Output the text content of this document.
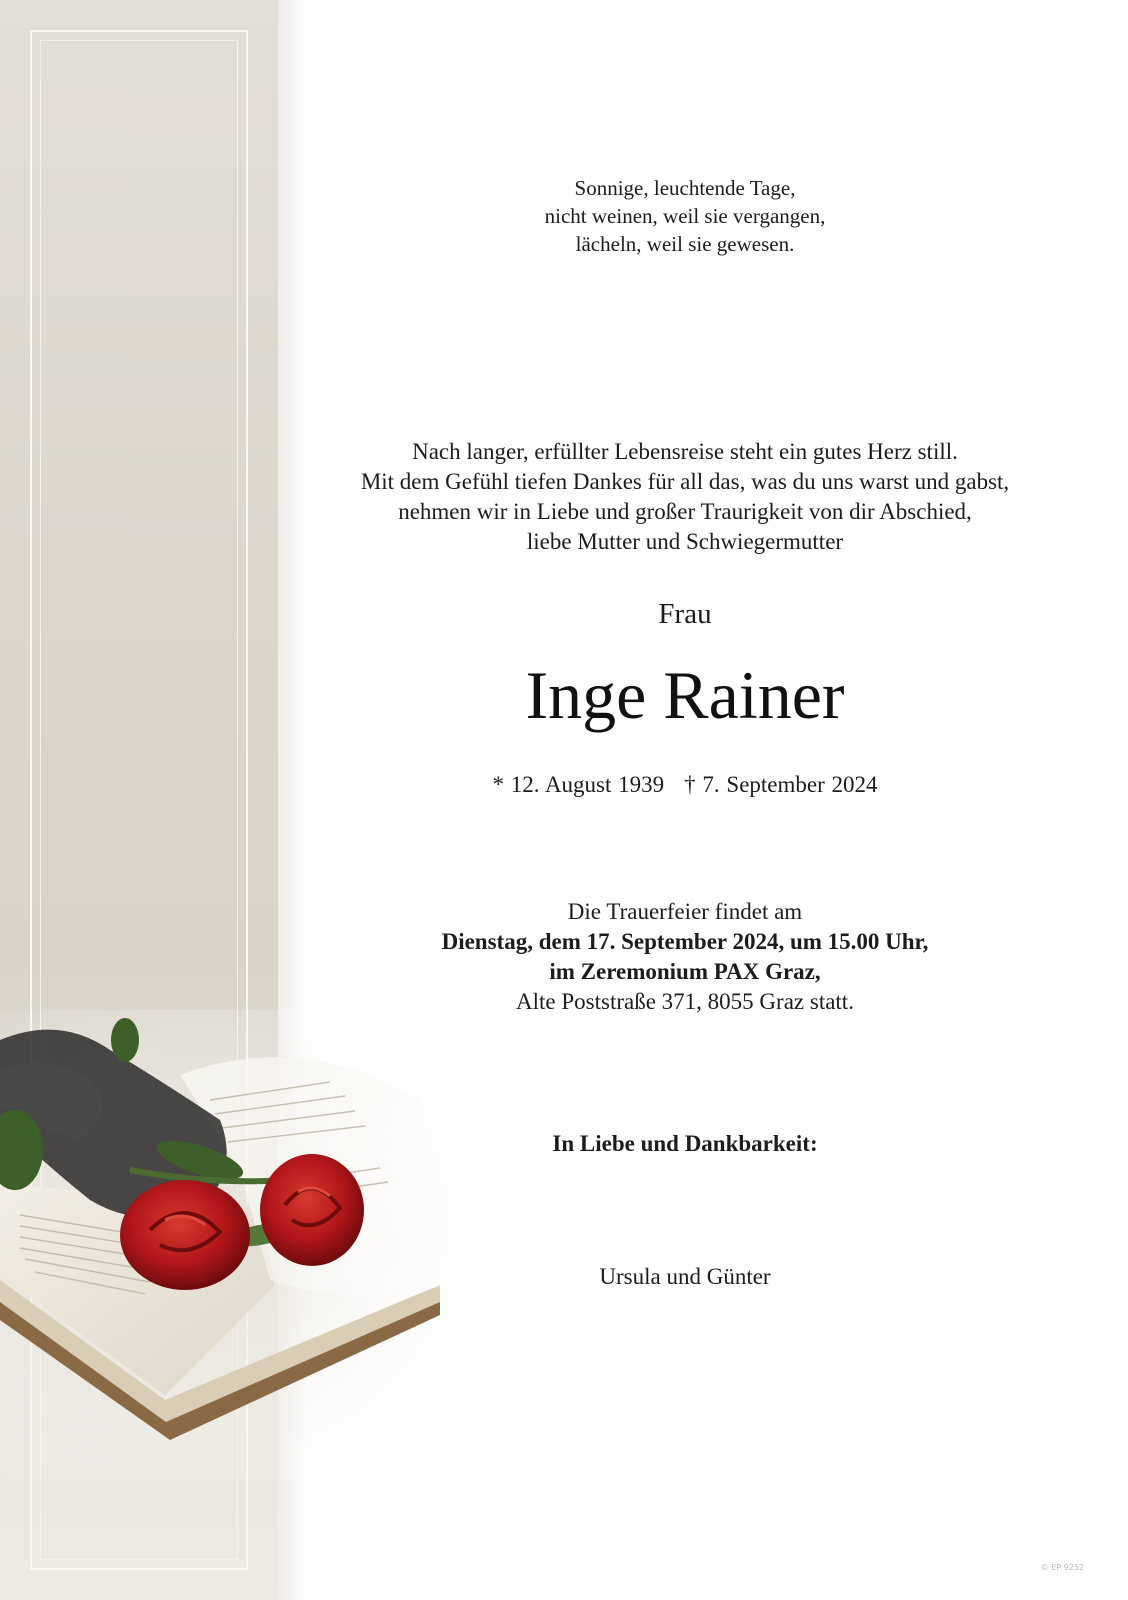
Sonnige, leuchtende Tage,
nicht weinen, weil sie vergangen,
lächeln, weil sie gewesen.
Nach langer, erfüllter Lebensreise steht ein gutes Herz still.
Mit dem Gefühl tiefen Dankes für all das, was du uns warst und gabst,
nehmen wir in Liebe und großer Traurigkeit von dir Abschied,
liebe Mutter und Schwiegermutter
Frau
Inge Rainer
* 12. August 1939 † 7. September 2024
Die Trauerfeier findet am
Dienstag, dem 17. September 2024, um 15.00 Uhr,
im Zeremonium PAX Graz,
Alte Poststraße 371, 8055 Graz statt.
In Liebe und Dankbarkeit:
Ursula und Günter
© EP 9252
